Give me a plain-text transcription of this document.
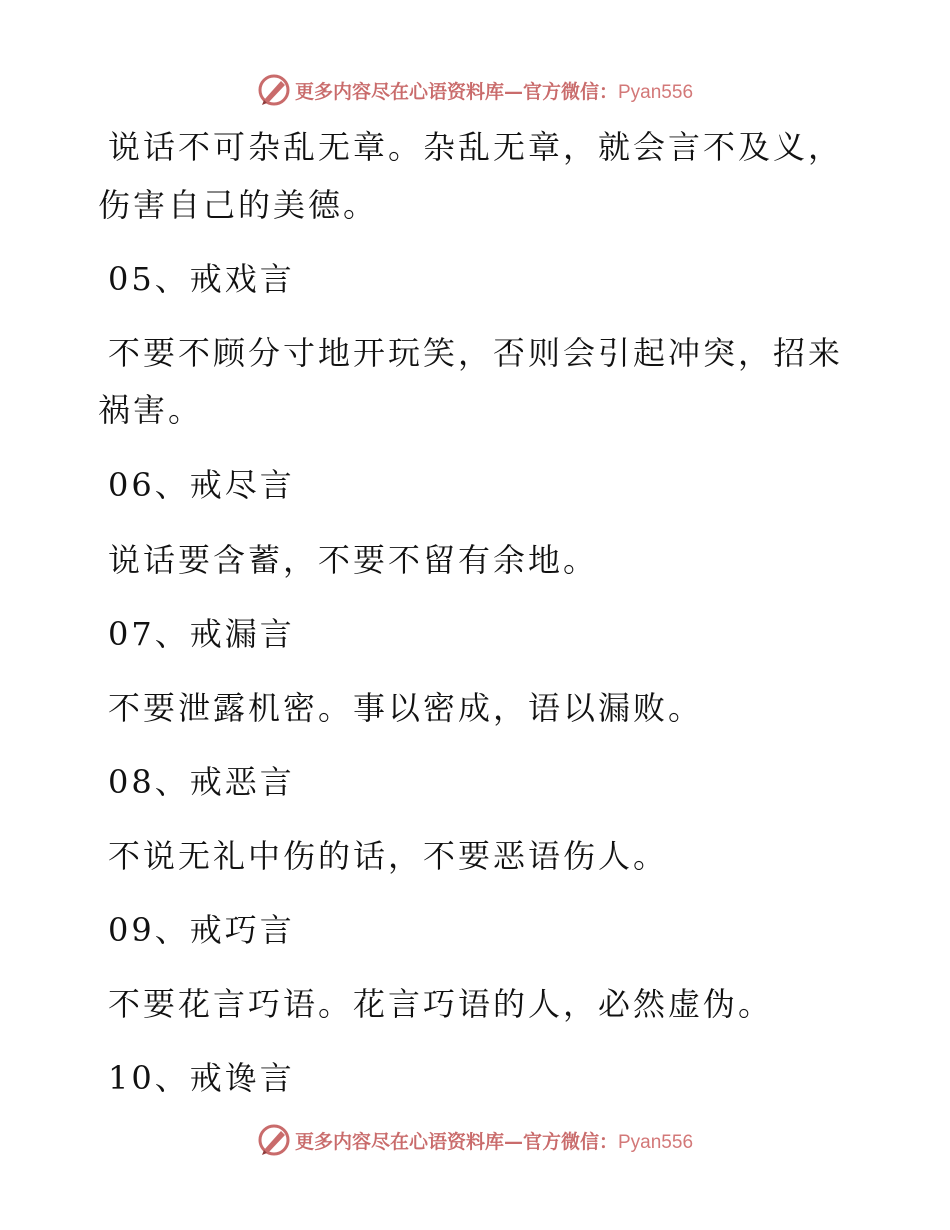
更多内容尽在心语资料库—官方微信：Pyan556
说话不可杂乱无章。杂乱无章，就会言不及义，
伤害自己的美德。
05、戒戏言
不要不顾分寸地开玩笑，否则会引起冲突，招来
祸害。
06、戒尽言
说话要含蓄，不要不留有余地。
07、戒漏言
不要泄露机密。事以密成，语以漏败。
08、戒恶言
不说无礼中伤的话，不要恶语伤人。
09、戒巧言
不要花言巧语。花言巧语的人，必然虚伪。
10、戒谗言
更多内容尽在心语资料库—官方微信：Pyan556
